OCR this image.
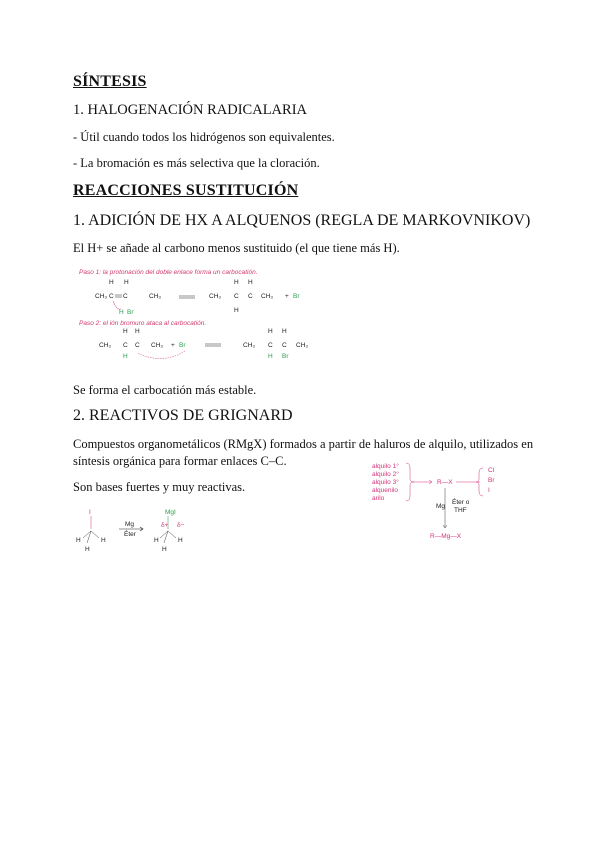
SÍNTESIS
1. HALOGENACIÓN RADICALARIA
- Útil cuando todos los hidrógenos son equivalentes.
- La bromación es más selectiva que la cloración.
REACCIONES SUSTITUCIÓN
1. ADICIÓN DE HX A ALQUENOS (REGLA DE MARKOVNIKOV)
El H+ se añade al carbono menos sustituido (el que tiene más H).
Paso 1: la protonación del doble enlace forma un carbocatión.
H H
CH₃ C C	CH₃
H Br
H H
CH₃ C C CH₃
H
+ Br
Paso 2: el ión bromuro ataca al carbocatión.
H H
CH₃ C C CH₃
H
+ Br
H H
CH₃ C C CH₃
H Br
Se forma el carbocatión más estable.
2. REACTIVOS DE GRIGNARD
Compuestos organometálicos (RMgX) formados a partir de haluros de alquilo, utilizados en
síntesis orgánica para formar enlaces C–C.
Son bases fuertes y muy reactivas.
I
H	H
H
Mg
Éter
MgI
δ+ δ−
H	H
H
alquilo 1°
alquilo 2°
alquilo 3°
alquenilo
arilo
R—X
Cl
Br
I
Mg
Éter o
THF
R—Mg—X
